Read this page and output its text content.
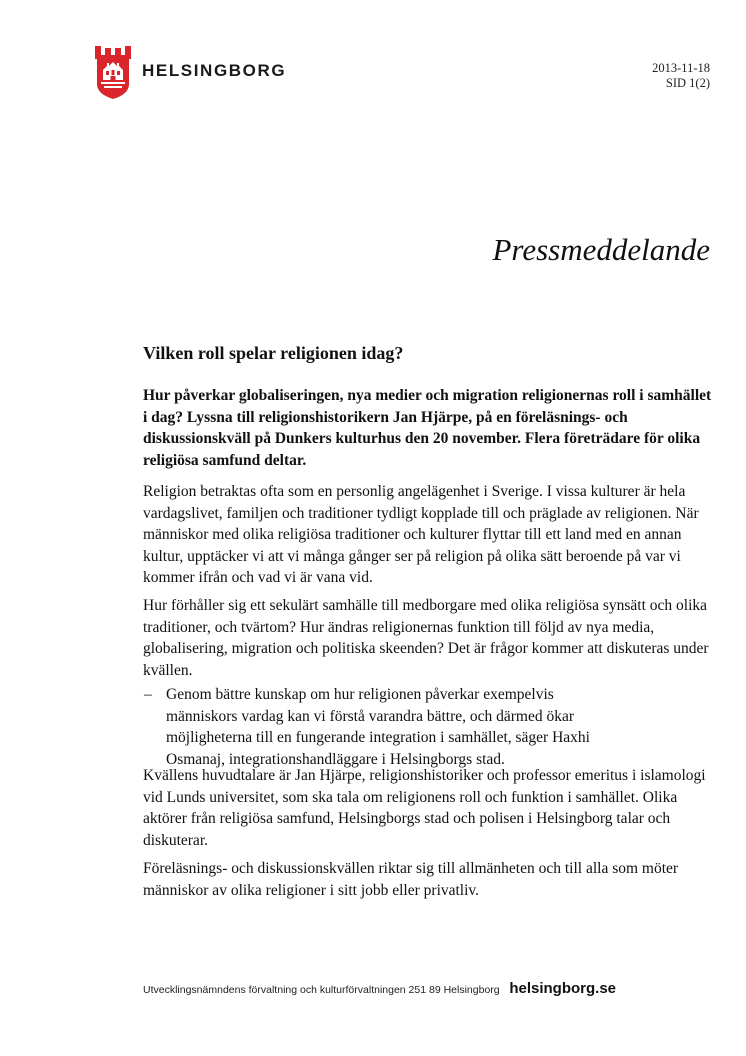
HELSINGBORG	2013-11-18
SID 1(2)
Pressmeddelande
Vilken roll spelar religionen idag?
Hur påverkar globaliseringen, nya medier och migration religionernas roll i samhället i dag? Lyssna till religionshistorikern Jan Hjärpe, på en föreläsnings- och diskussionskväll på Dunkers kulturhus den 20 november. Flera företrädare för olika religiösa samfund deltar.
Religion betraktas ofta som en personlig angelägenhet i Sverige. I vissa kulturer är hela vardagslivet, familjen och traditioner tydligt kopplade till och präglade av religionen. När människor med olika religiösa traditioner och kulturer flyttar till ett land med en annan kultur, upptäcker vi att vi många gånger ser på religion på olika sätt beroende på var vi kommer ifrån och vad vi är vana vid.
Hur förhåller sig ett sekulärt samhälle till medborgare med olika religiösa synsätt och olika traditioner, och tvärtom? Hur ändras religionernas funktion till följd av nya media, globalisering, migration och politiska skeenden? Det är frågor kommer att diskuteras under kvällen.
– Genom bättre kunskap om hur religionen påverkar exempelvis människors vardag kan vi förstå varandra bättre, och därmed ökar möjligheterna till en fungerande integration i samhället, säger Haxhi Osmanaj, integrationshandläggare i Helsingborgs stad.
Kvällens huvudtalare är Jan Hjärpe, religionshistoriker och professor emeritus i islamologi vid Lunds universitet, som ska tala om religionens roll och funktion i samhället. Olika aktörer från religiösa samfund, Helsingborgs stad och polisen i Helsingborg talar och diskuterar.
Föreläsnings- och diskussionskvällen riktar sig till allmänheten och till alla som möter människor av olika religioner i sitt jobb eller privatliv.
Utvecklingsnämndens förvaltning och kulturförvaltningen 251 89 Helsingborg helsingborg.se
